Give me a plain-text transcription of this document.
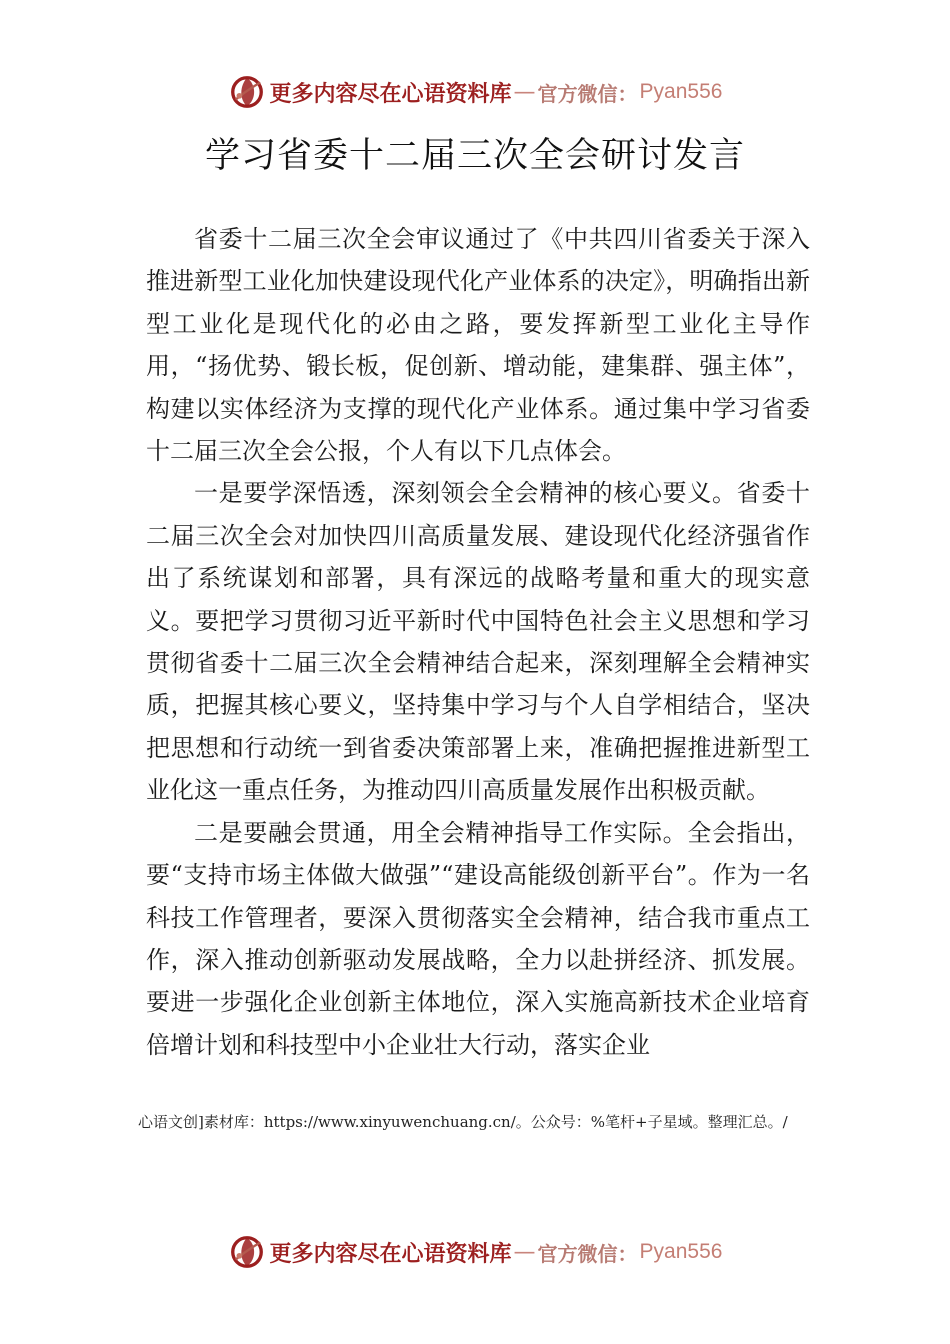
更多内容尽在心语资料库 — 官方微信： Pyan556
学习省委十二届三次全会研讨发言

省委十二届三次全会审议通过了《中共四川省委关于深入推进新型工业化加快建设现代化产业体系的决定》，明确指出新型工业化是现代化的必由之路，要发挥新型工业化主导作用，“扬优势、锻长板，促创新、增动能，建集群、强主体”，构建以实体经济为支撑的现代化产业体系。通过集中学习省委十二届三次全会公报，个人有以下几点体会。

一是要学深悟透，深刻领会全会精神的核心要义。省委十二届三次全会对加快四川高质量发展、建设现代化经济强省作出了系统谋划和部署，具有深远的战略考量和重大的现实意义。要把学习贯彻习近平新时代中国特色社会主义思想和学习贯彻省委十二届三次全会精神结合起来，深刻理解全会精神实质，把握其核心要义，坚持集中学习与个人自学相结合，坚决把思想和行动统一到省委决策部署上来，准确把握推进新型工业化这一重点任务，为推动四川高质量发展作出积极贡献。

二是要融会贯通，用全会精神指导工作实际。全会指出，要“支持市场主体做大做强”“建设高能级创新平台”。作为一名科技工作管理者，要深入贯彻落实全会精神，结合我市重点工作，深入推动创新驱动发展战略，全力以赴拼经济、抓发展。要进一步强化企业创新主体地位，深入实施高新技术企业培育倍增计划和科技型中小企业壮大行动，落实企业

心语文创]素材库：https://www.xinyuwenchuang.cn/。公众号：%笔杆+子星域。整理汇总。/
更多内容尽在心语资料库 — 官方微信： Pyan556
